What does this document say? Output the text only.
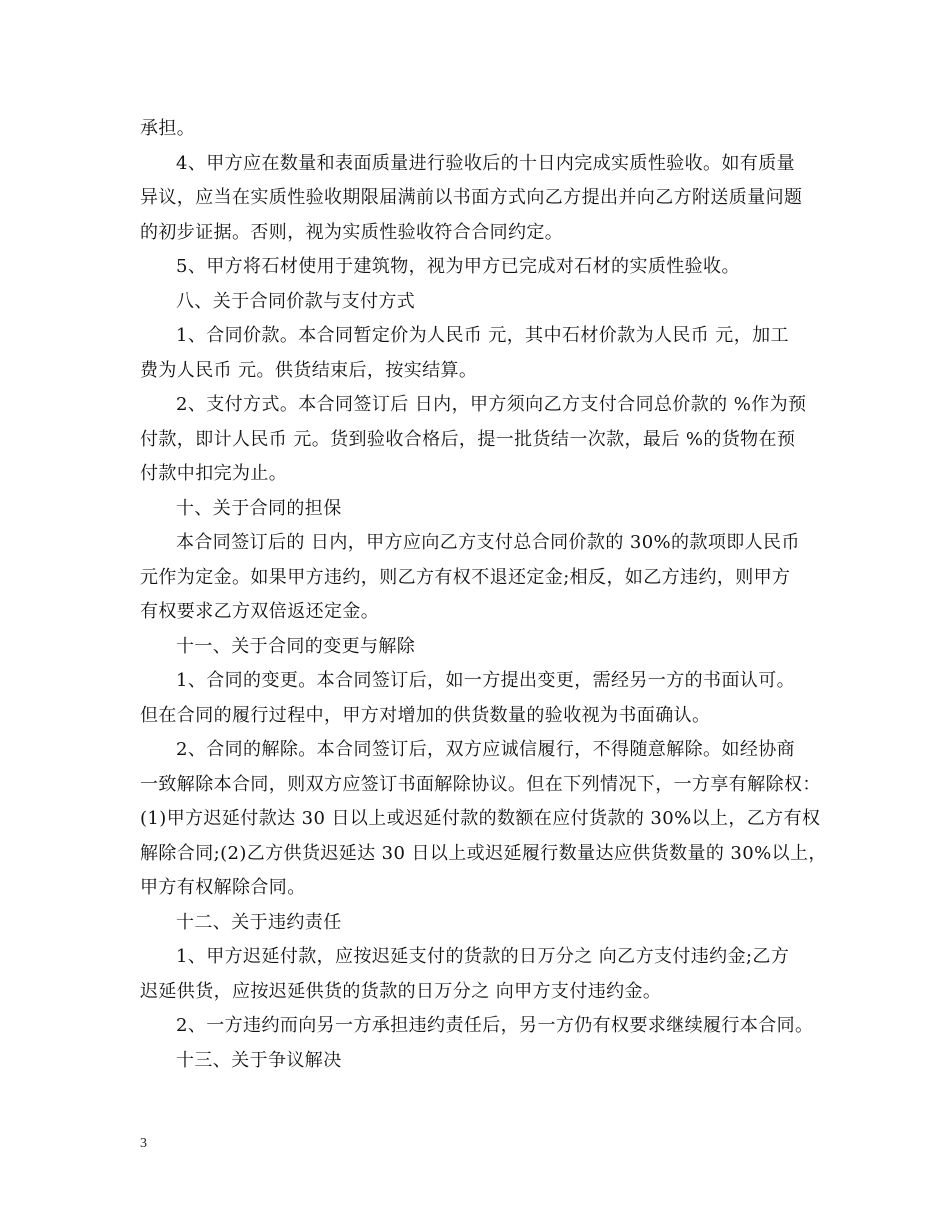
承担。
4、甲方应在数量和表面质量进行验收后的十日内完成实质性验收。如有质量
异议，应当在实质性验收期限届满前以书面方式向乙方提出并向乙方附送质量问题
的初步证据。否则，视为实质性验收符合合同约定。
5、甲方将石材使用于建筑物，视为甲方已完成对石材的实质性验收。
八、关于合同价款与支付方式
1、合同价款。本合同暂定价为人民币 元，其中石材价款为人民币 元，加工
费为人民币 元。供货结束后，按实结算。
2、支付方式。本合同签订后 日内，甲方须向乙方支付合同总价款的 %作为预
付款，即计人民币 元。货到验收合格后，提一批货结一次款，最后 %的货物在预
付款中扣完为止。
十、关于合同的担保
本合同签订后的 日内，甲方应向乙方支付总合同价款的 30%的款项即人民币
元作为定金。如果甲方违约，则乙方有权不退还定金;相反，如乙方违约，则甲方
有权要求乙方双倍返还定金。
十一、关于合同的变更与解除
1、合同的变更。本合同签订后，如一方提出变更，需经另一方的书面认可。
但在合同的履行过程中，甲方对增加的供货数量的验收视为书面确认。
2、合同的解除。本合同签订后，双方应诚信履行，不得随意解除。如经协商
一致解除本合同，则双方应签订书面解除协议。但在下列情况下，一方享有解除权：
(1)甲方迟延付款达 30 日以上或迟延付款的数额在应付货款的 30%以上，乙方有权
解除合同;(2)乙方供货迟延达 30 日以上或迟延履行数量达应供货数量的 30%以上，
甲方有权解除合同。
十二、关于违约责任
1、甲方迟延付款，应按迟延支付的货款的日万分之 向乙方支付违约金;乙方
迟延供货，应按迟延供货的货款的日万分之 向甲方支付违约金。
2、一方违约而向另一方承担违约责任后，另一方仍有权要求继续履行本合同。
十三、关于争议解决
3
